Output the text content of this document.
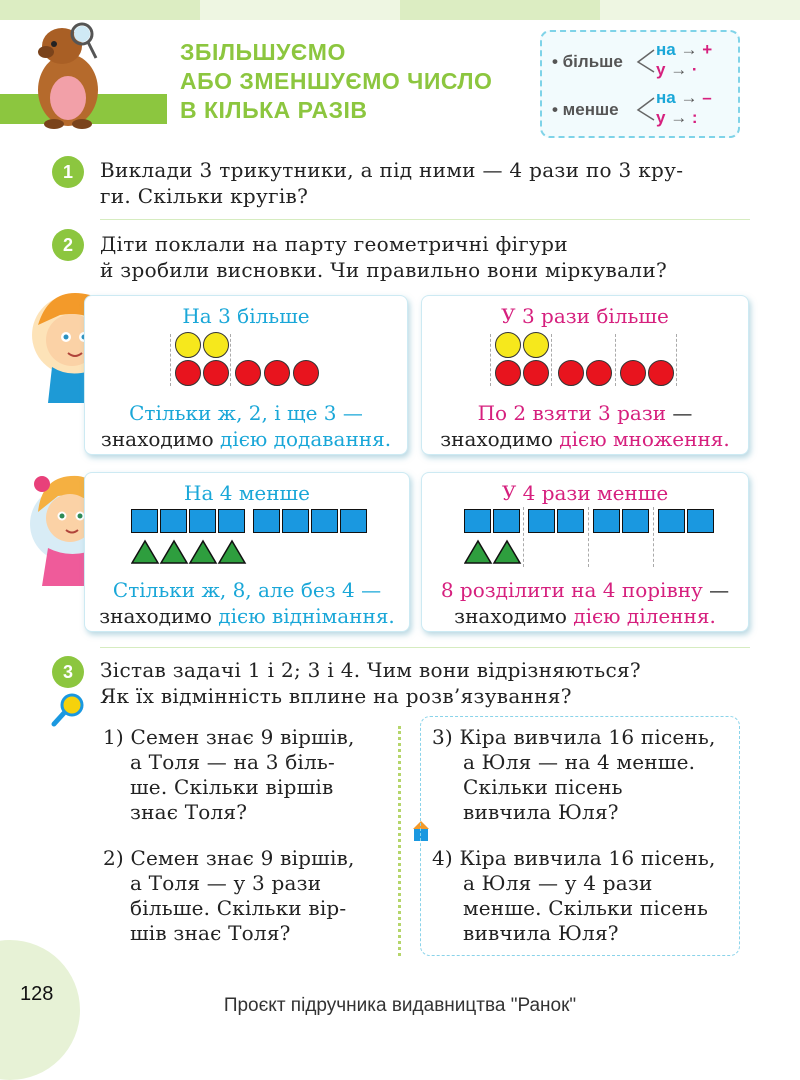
ЗБІЛЬШУЄМО
АБО ЗМЕНШУЄМО ЧИСЛО
В КІЛЬКА РАЗІВ
• більше
на → +
у → ·
• менше
на → –
у → :
1	Виклади 3 трикутники, а під ними — 4 рази по 3 кру-
ги. Скільки кругів?
2	Діти поклали на парту геометричні фігури
й зробили висновки. Чи правильно вони міркували?
На 3 більше
Стільки ж, 2, і ще 3 —
знаходимо дією додавання.
У 3 рази більше
По 2 взяти 3 рази —
знаходимо дією множення.
На 4 менше
Стільки ж, 8, але без 4 —
знаходимо дією віднімання.
У 4 рази менше
8 розділити на 4 порівну —
знаходимо дією ділення.
3	Зістав задачі 1 і 2; 3 і 4. Чим вони відрізняються?
Як їх відмінність вплине на розв’язування?
1) Семен знає 9 віршів,
а Толя — на 3 біль-
ше. Скільки віршів
знає Толя?
2) Семен знає 9 віршів,
а Толя — у 3 рази
більше. Скільки вір-
шів знає Толя?
3) Кіра вивчила 16 пісень,
а Юля — на 4 менше.
Скільки пісень
вивчила Юля?
4) Кіра вивчила 16 пісень,
а Юля — у 4 рази
менше. Скільки пісень
вивчила Юля?
128
Проєкт підручника видавництва "Ранок"
